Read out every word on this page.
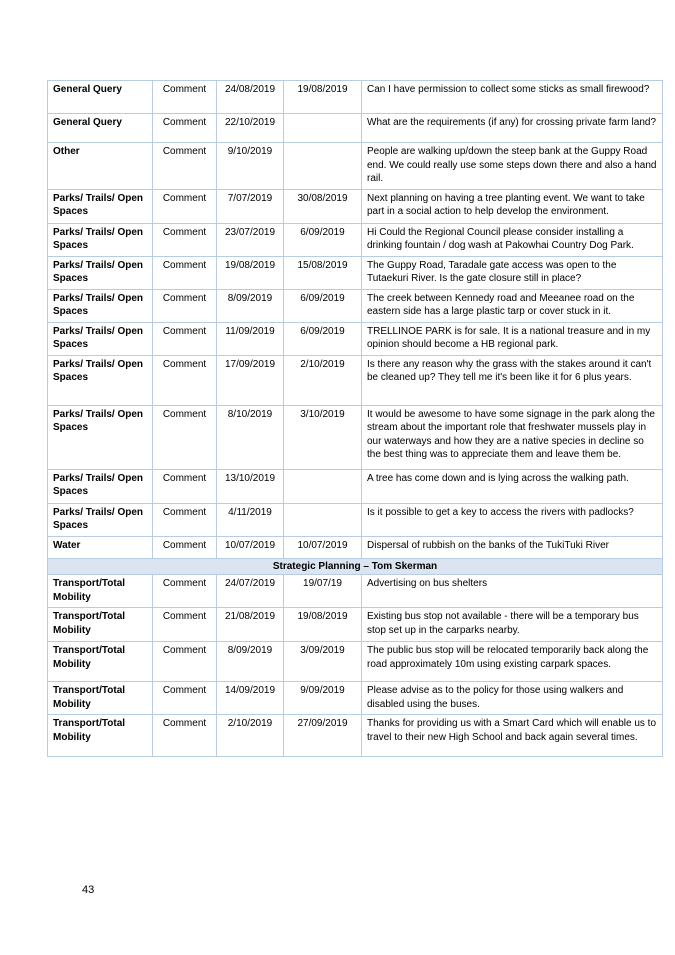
General Query	Comment	24/08/2019	19/08/2019	Can I have permission to collect some sticks as small firewood?
General Query	Comment	22/10/2019		What are the requirements (if any) for crossing private farm land?
Other	Comment	9/10/2019		People are walking up/down the steep bank at the Guppy Road end. We could really use some steps down there and also a hand rail.
Parks/ Trails/ Open Spaces	Comment	7/07/2019	30/08/2019	Next planning on having a tree planting event. We want to take part in a social action to help develop the environment.
Parks/ Trails/ Open Spaces	Comment	23/07/2019	6/09/2019	Hi Could the Regional Council please consider installing a drinking fountain / dog wash at Pakowhai Country Dog Park.
Parks/ Trails/ Open Spaces	Comment	19/08/2019	15/08/2019	The Guppy Road, Taradale gate access was open to the Tutaekuri River. Is the gate closure still in place?
Parks/ Trails/ Open Spaces	Comment	8/09/2019	6/09/2019	The creek between Kennedy road and Meeanee road on the eastern side has a large plastic tarp or cover stuck in it.
Parks/ Trails/ Open Spaces	Comment	11/09/2019	6/09/2019	TRELLINOE PARK is for sale. It is a national treasure and in my opinion should become a HB regional park.
Parks/ Trails/ Open Spaces	Comment	17/09/2019	2/10/2019	Is there any reason why the grass with the stakes around it can't be cleaned up? They tell me it's been like it for 6 plus years.
Parks/ Trails/ Open Spaces	Comment	8/10/2019	3/10/2019	It would be awesome to have some signage in the park along the stream about the important role that freshwater mussels play in our waterways and how they are a native species in decline so the best thing was to appreciate them and leave them be.
Parks/ Trails/ Open Spaces	Comment	13/10/2019		A tree has come down and is lying across the walking path.
Parks/ Trails/ Open Spaces	Comment	4/11/2019		Is it possible to get a key to access the rivers with padlocks?
Water	Comment	10/07/2019	10/07/2019	Dispersal of rubbish on the banks of the TukiTuki River
Strategic Planning – Tom Skerman				
Transport/Total Mobility	Comment	24/07/2019	19/07/19	Advertising on bus shelters
Transport/Total Mobility	Comment	21/08/2019	19/08/2019	Existing bus stop not available - there will be a temporary bus stop set up in the carparks nearby.
Transport/Total Mobility	Comment	8/09/2019	3/09/2019	The public bus stop will be relocated temporarily back along the road approximately 10m using existing carpark spaces.
Transport/Total Mobility	Comment	14/09/2019	9/09/2019	Please advise as to the policy for those using walkers and disabled using the buses.
Transport/Total Mobility	Comment	2/10/2019	27/09/2019	Thanks for providing us with a Smart Card which will enable us to travel to their new High School and back again several times.
43
